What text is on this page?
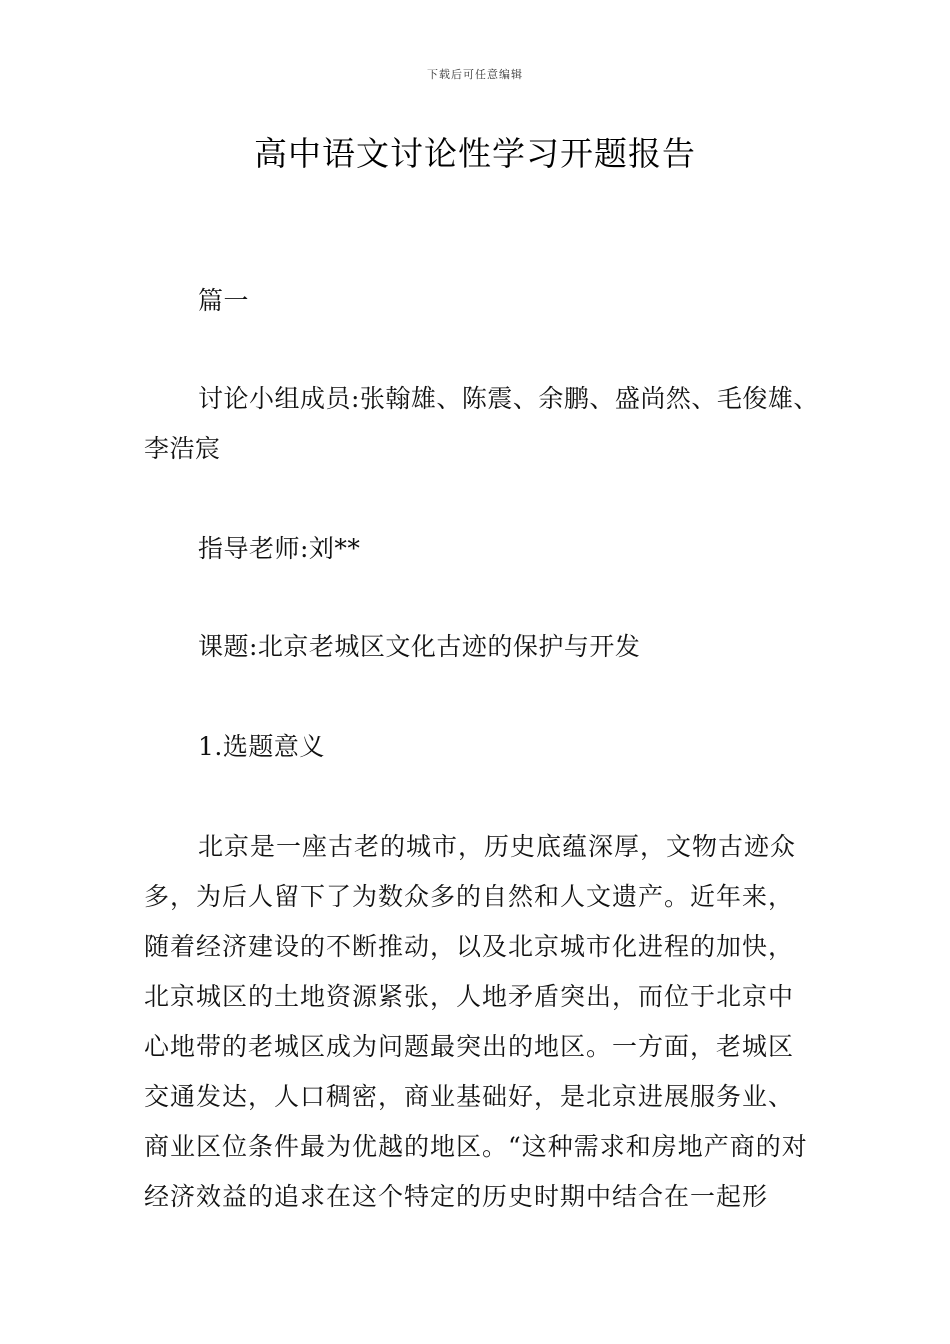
下载后可任意编辑
高中语文讨论性学习开题报告
篇一
讨论小组成员:张翰雄、陈震、余鹏、盛尚然、毛俊雄、李浩宸
指导老师:刘**
课题:北京老城区文化古迹的保护与开发
1.选题意义
北京是一座古老的城市，历史底蕴深厚，文物古迹众多，为后人留下了为数众多的自然和人文遗产。近年来，随着经济建设的不断推动，以及北京城市化进程的加快，北京城区的土地资源紧张，人地矛盾突出，而位于北京中心地带的老城区成为问题最突出的地区。一方面，老城区交通发达，人口稠密，商业基础好，是北京进展服务业、商业区位条件最为优越的地区。“这种需求和房地产商的对经济效益的追求在这个特定的历史时期中结合在一起形
